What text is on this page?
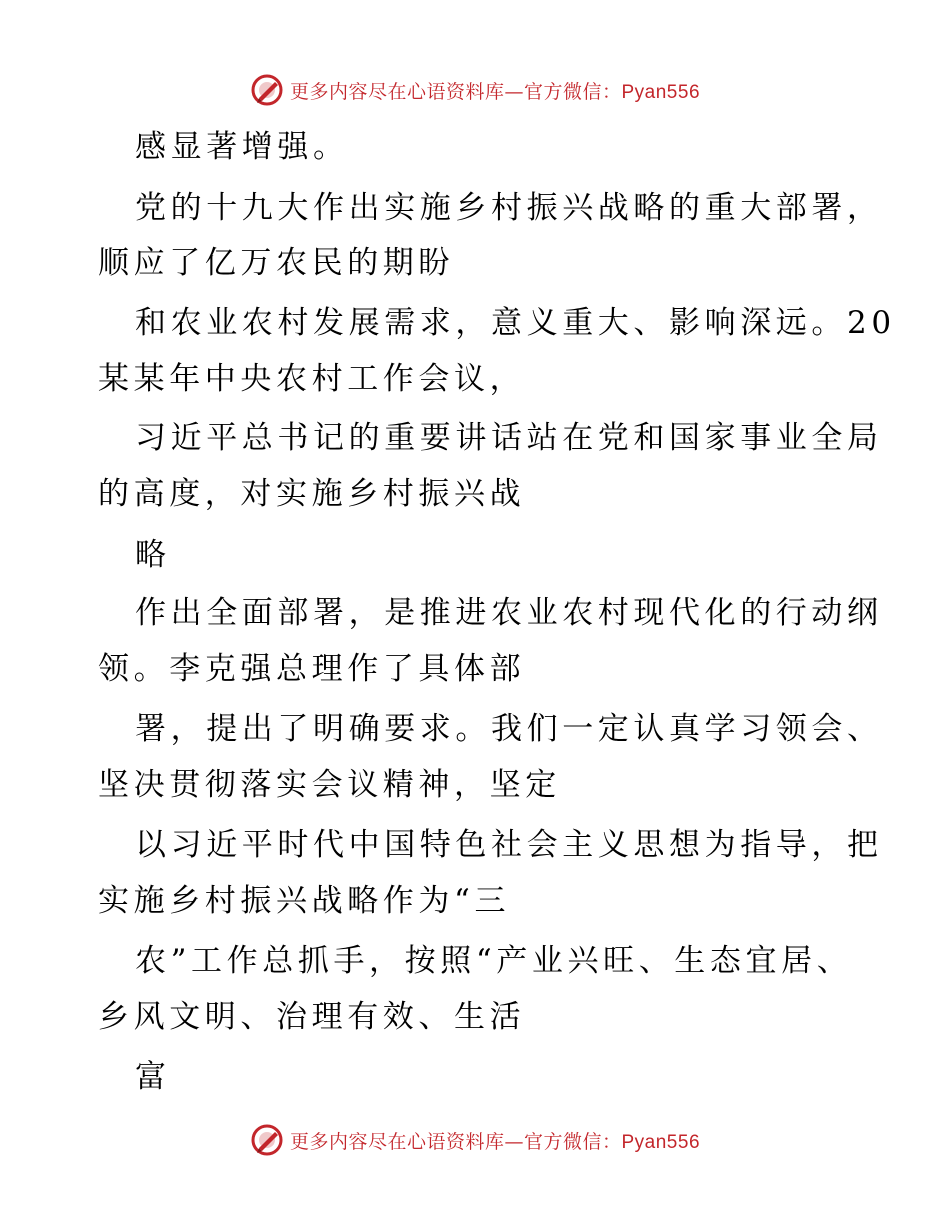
更多内容尽在心语资料库—官方微信：Pyan556
感显著增强。
党的十九大作出实施乡村振兴战略的重大部署，
顺应了亿万农民的期盼
和农业农村发展需求，意义重大、影响深远。20
某某年中央农村工作会议，
习近平总书记的重要讲话站在党和国家事业全局
的高度，对实施乡村振兴战
略
作出全面部署，是推进农业农村现代化的行动纲
领。李克强总理作了具体部
署，提出了明确要求。我们一定认真学习领会、
坚决贯彻落实会议精神，坚定
以习近平时代中国特色社会主义思想为指导，把
实施乡村振兴战略作为“三
农”工作总抓手，按照“产业兴旺、生态宜居、
乡风文明、治理有效、生活
富
更多内容尽在心语资料库—官方微信：Pyan556
